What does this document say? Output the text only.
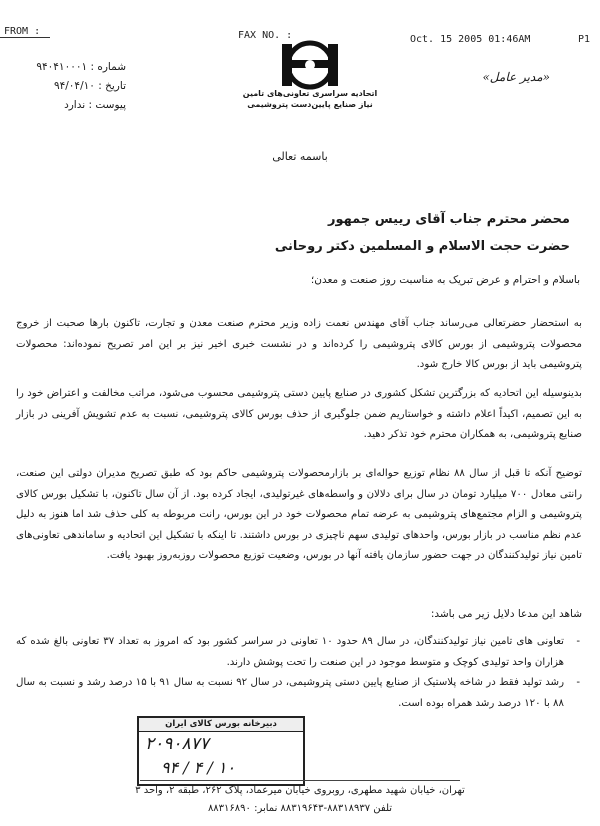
FROM :	FAX NO. :	Oct. 15 2005 01:46AM	P1
«مدیر عامل»
شماره : ۹۴۰۴۱۰۰۰۱
تاریخ : ۹۴/۰۴/۱۰
پیوست : ندارد
اتحادیه سراسری تعاونی‌های تامین
نیاز صنایع پایین‌دست پتروشیمی
باسمه تعالی
محضر محترم جناب آقای رییس جمهور
حضرت حجت الاسلام و المسلمین دکتر روحانی
باسلام و احترام و عرض تبریک به مناسبت روز صنعت و معدن؛
به استحضار حضرتعالی می‌رساند جناب آقای مهندس نعمت زاده وزیر محترم صنعت معدن و تجارت، تاکنون بارها صحبت از خروج محصولات پتروشیمی از بورس کالای پتروشیمی را کرده‌اند و در نشست خبری اخیر نیز بر این امر تصریح نموده‌اند: محصولات پتروشیمی باید از بورس کالا خارج شود.
بدینوسیله این اتحادیه که بزرگترین تشکل کشوری در صنایع پایین دستی پتروشیمی محسوب می‌شود، مراتب مخالفت و اعتراض خود را به این تصمیم، اکیداً اعلام داشته و خواستاریم ضمن جلوگیری از حذف بورس کالای پتروشیمی، نسبت به عدم تشویش آفرینی در بازار صنایع پتروشیمی، به همکاران محترم خود تذکر دهید.
توضیح آنکه تا قبل از سال ۸۸ نظام توزیع حواله‌ای بر بازارمحصولات پتروشیمی حاکم بود که طبق تصریح مدیران دولتی این صنعت، رانتی معادل ۷۰۰ میلیارد تومان در سال برای دلالان و واسطه‌های غیرتولیدی، ایجاد کرده بود. از آن سال تاکنون، با تشکیل بورس کالای پتروشیمی و الزام مجتمع‌های پتروشیمی به عرضه تمام محصولات خود در این بورس، رانت مربوطه به کلی حذف شد اما هنوز به دلیل عدم نظم مناسب در بازار بورس، واحدهای تولیدی سهم ناچیزی در بورس داشتند. تا اینکه با تشکیل این اتحادیه و ساماندهی تعاونی‌های تامین نیاز تولیدکنندگان در جهت حضور سازمان یافته آنها در بورس، وضعیت توزیع محصولات روزبه‌روز بهبود یافت.
شاهد این مدعا دلایل زیر می باشد:
- تعاونی های تامین نیاز تولیدکنندگان، در سال ۸۹ حدود ۱۰ تعاونی در سراسر کشور بود که امروز به تعداد ۳۷ تعاونی بالغ شده که هزاران واحد تولیدی کوچک و متوسط موجود در این صنعت را تحت پوشش دارند.
- رشد تولید فقط در شاخه پلاستیک از صنایع پایین دستی پتروشیمی، در سال ۹۲ نسبت به سال ۹۱ با ۱۵ درصد رشد و نسبت به سال ۸۸ با ۱۲۰ درصد رشد همراه بوده است.
دبیرخانه بورس کالای ایران
۲۰۹۰۸۷۷
۹۴ / ۴ / ۱۰
تهران، خیابان شهید مطهری، روبروی خیابان میرعماد، پلاک ۲۶۲، طبقه ۲، واحد ۳
تلفن ۸۸۳۱۸۹۳۷-۸۸۳۱۹۶۴۳ نمابر: ۸۸۳۱۶۸۹۰
